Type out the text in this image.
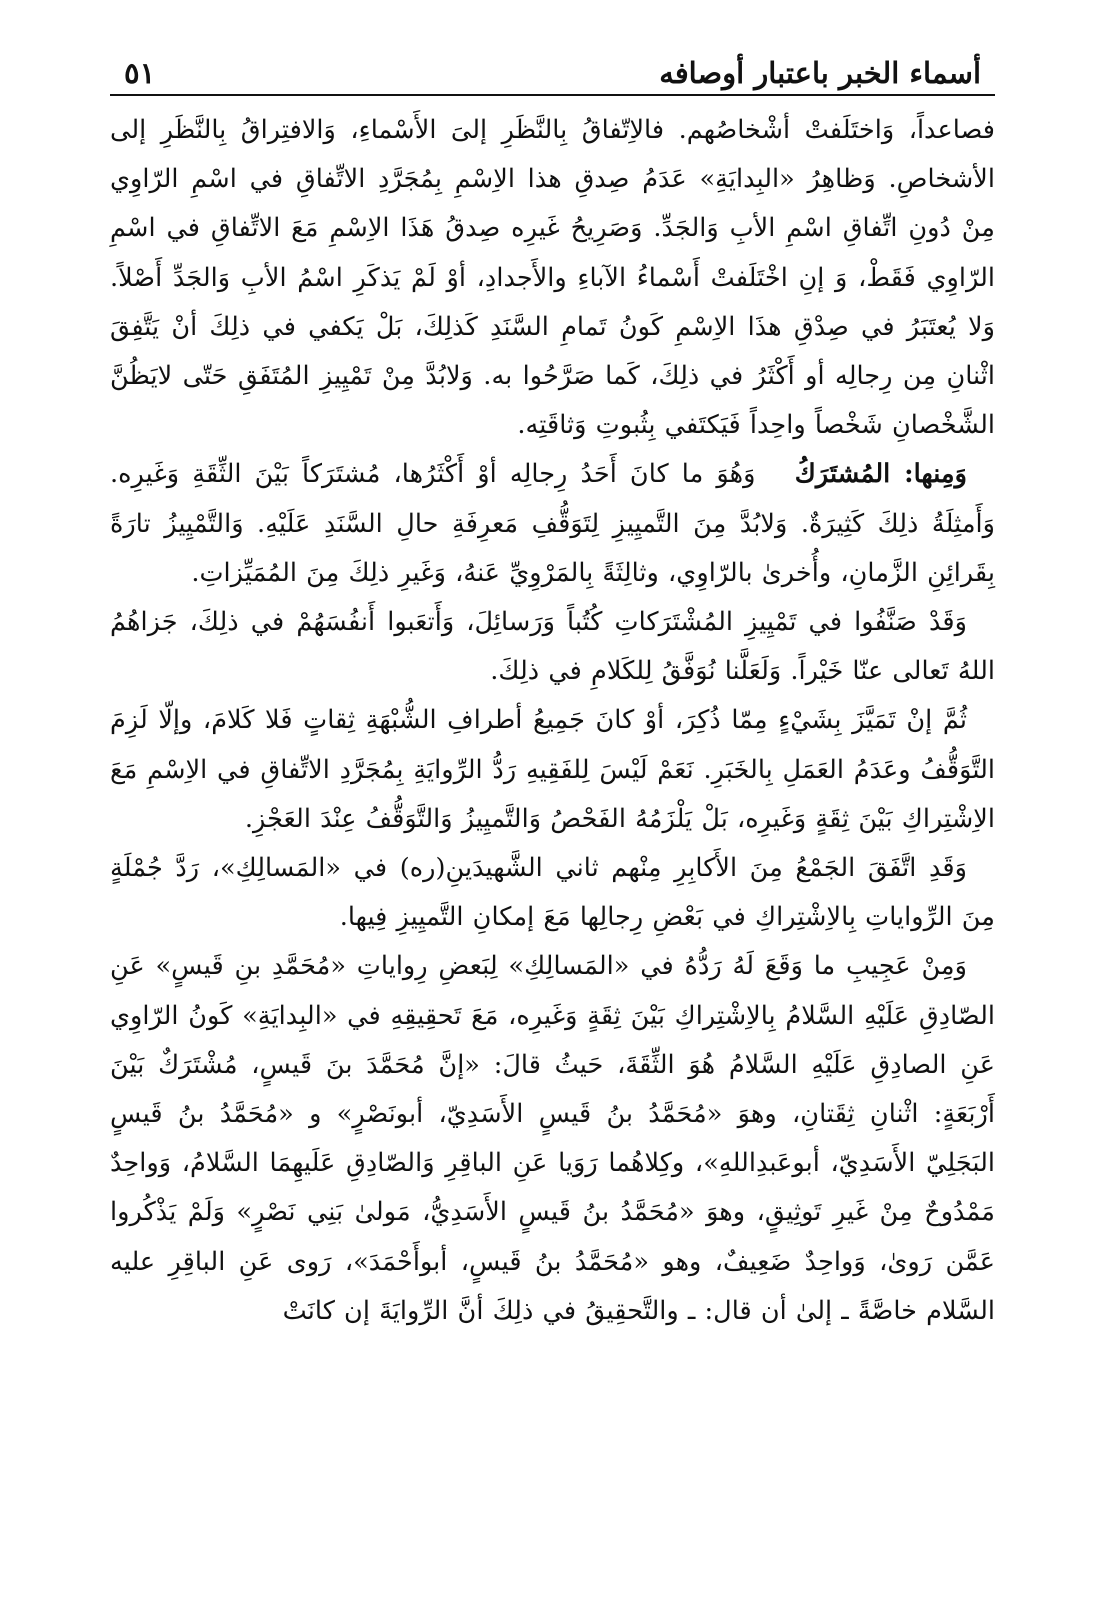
أسماء الخبر باعتبار أوصافه
٥١

فصاعداً، وَاختَلَفتْ أشْخاصُهم. فالاِتّفاقُ بِالنَّظَرِ إلىَ الأَسْماءِ، وَالافتِراقُ بِالنَّظَرِ إلى الأشخاصِ. وَظاهِرُ «البِدايَةِ» عَدَمُ صِدقِ هذا الاِسْمِ بِمُجَرَّدِ الاتِّفاقِ في اسْمِ الرّاوِي مِنْ دُونِ اتِّفاقِ اسْمِ الأبِ وَالجَدِّ. وَصَرِيحُ غَيرِه صِدقُ هَذَا الاِسْمِ مَعَ الاتِّفاقِ في اسْمِ الرّاوِي فَقَطْ، وَ إنِ اخْتَلَفتْ أَسْماءُ الآباءِ والأَجدادِ، أوْ لَمْ يَذكَرِ اسْمُ الأبِ وَالجَدِّ أَصْلاً. وَلا يُعتَبَرُ في صِدْقِ هذَا الاِسْمِ كَونُ تَمامِ السَّنَدِ كَذلِكَ، بَلْ يَكفي في ذلِكَ أنْ يَتَّفِقَ اثْنانِ مِن رِجالِه أو أَكْثَرُ في ذلِكَ، كَما صَرَّحُوا به. وَلابُدَّ مِنْ تَمْيِيزِ المُتَفَقِ حَتّى لايَظُنَّ الشَّخْصانِ شَخْصاً واحِداً فَيَكتَفي بِثُبوتِ وَثاقَتِه.

وَمِنها: المُشتَرَكُ   وَهُوَ ما كانَ أَحَدُ رِجالِه أوْ أَكْثَرُها، مُشتَرَكاً بَيْنَ الثِّقَةِ وَغَيرِه. وَأَمثِلَةُ ذلِكَ كَثِيرَةٌ. وَلابُدَّ مِنَ التَّميِيزِ لِتَوَقُّفِ مَعرِفَةِ حالِ السَّنَدِ عَلَيْهِ. وَالتَّمْيِيزُ تارَةً بِقَرائِنِ الزَّمانِ، وأُخرىٰ بالرّاوِي، وثالِثَةً بِالمَرْوِيِّ عَنهُ، وَغَيرِ ذلِكَ مِنَ المُمَيِّزاتِ.

وَقَدْ صَنَّفُوا في تَمْيِيزِ المُشْتَرَكاتِ كُتُباً وَرَسائِلَ، وَأَتعَبوا أَنفُسَهُمْ في ذلِكَ، جَزاهُمُ اللهُ تَعالى عنّا خَيْراً. وَلَعَلَّنا نُوَفَّقُ لِلكَلامِ في ذلِكَ.

ثُمَّ إنْ تَمَيَّزَ بِشَيْءٍ مِمّا ذُكِرَ، أوْ كانَ جَمِيعُ أطرافِ الشُّبْهَةِ ثِقاتٍ فَلا كَلامَ، وإلّا لَزِمَ التَّوَقُّفُ وعَدَمُ العَمَلِ بِالخَبَرِ. نَعَمْ لَيْسَ لِلفَقِيهِ رَدُّ الرِّوايَةِ بِمُجَرَّدِ الاتِّفاقِ في الاِسْمِ مَعَ الاِشْتِراكِ بَيْنَ ثِقَةٍ وَغَيرِه، بَلْ يَلْزَمُهُ الفَحْصُ وَالتَّميِيزُ وَالتَّوَقُّفُ عِنْدَ العَجْزِ.

وَقَدِ اتَّفَقَ الجَمْعُ مِنَ الأَكابِرِ مِنْهم ثاني الشَّهيدَينِ(ره) في «المَسالِكِ»، رَدَّ جُمْلَةٍ مِنَ الرِّواياتِ بِالاِشْتِراكِ في بَعْضِ رِجالِها مَعَ إمكانِ التَّميِيزِ فِيها.

وَمِنْ عَجِيبِ ما وَقَعَ لَهُ رَدُّهُ في «المَسالِكِ» لِبَعضِ رِواياتِ «مُحَمَّدِ بنِ قَيسٍ» عَنِ الصّادِقِ عَلَيْهِ السَّلامُ بِالاِشْتِراكِ بَيْنَ ثِقَةٍ وَغَيرِه، مَعَ تَحقِيقِهِ في «البِدايَةِ» كَونُ الرّاوِي عَنِ الصادِقِ عَلَيْهِ السَّلامُ هُوَ الثِّقَةَ، حَيثُ قالَ: «إنَّ مُحَمَّدَ بنَ قَيسٍ، مُشْتَرَكٌ بَيْنَ أَرْبَعَةٍ: اثْنانِ ثِقَتانِ، وهوَ «مُحَمَّدُ بنُ قَيسٍ الأَسَدِيّ، أبونَصْرٍ» و «مُحَمَّدُ بنُ قَيسٍ البَجَلِيّ الأَسَدِيّ، أبوعَبدِاللهِ»، وكِلاهُما رَوَيا عَنِ الباقِرِ وَالصّادِقِ عَلَيهِمَا السَّلامُ، وَواحِدٌ مَمْدُوحٌ مِنْ غَيرِ تَوثِيقٍ، وهوَ «مُحَمَّدُ بنُ قَيسٍ الأَسَدِيُّ، مَولىٰ بَنِي نَصْرٍ» وَلَمْ يَذْكُروا عَمَّن رَوىٰ، وَواحِدٌ ضَعِيفٌ، وهو «مُحَمَّدُ بنُ قَيسٍ، أبوأَحْمَدَ»، رَوى عَنِ الباقِرِ عليه السَّلام خاصَّةً ـ إلىٰ أن قال: ـ والتَّحقِيقُ في ذلِكَ أنَّ الرِّوايَةَ إن كانَتْ
